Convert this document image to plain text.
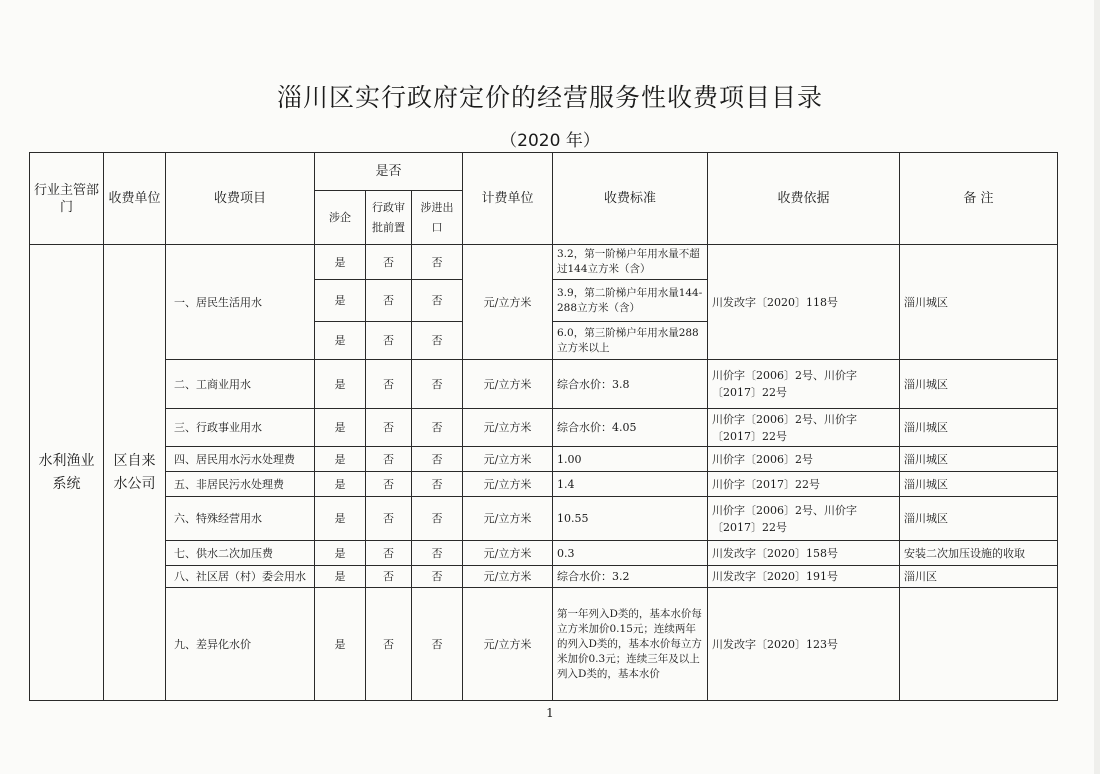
淄川区实行政府定价的经营服务性收费项目目录
（2020 年）
行业主管部门	收费单位	收费项目	是否			计费单位	收费标准	收费依据	备 注
			涉企	行政审批前置	涉进出口				
水利渔业系统	区自来水公司	一、居民生活用水	是	否	否	元/立方米	3.2，第一阶梯户年用水量不超过144立方米（含）	川发改字〔2020〕118号	淄川城区
			是	否	否		3.9，第二阶梯户年用水量144-288立方米（含）		
			是	否	否		6.0，第三阶梯户年用水量288立方米以上		
		二、工商业用水	是	否	否	元/立方米	综合水价：3.8	川价字〔2006〕2号、川价字〔2017〕22号	淄川城区
		三、行政事业用水	是	否	否	元/立方米	综合水价：4.05	川价字〔2006〕2号、川价字〔2017〕22号	淄川城区
		四、居民用水污水处理费	是	否	否	元/立方米	1.00	川价字〔2006〕2号	淄川城区
		五、非居民污水处理费	是	否	否	元/立方米	1.4	川价字〔2017〕22号	淄川城区
		六、特殊经营用水	是	否	否	元/立方米	10.55	川价字〔2006〕2号、川价字〔2017〕22号	淄川城区
		七、供水二次加压费	是	否	否	元/立方米	0.3	川发改字〔2020〕158号	安装二次加压设施的收取
		八、社区居（村）委会用水	是	否	否	元/立方米	综合水价：3.2	川发改字〔2020〕191号	淄川区
		九、差异化水价	是	否	否	元/立方米	第一年列入D类的，基本水价每立方米加价0.15元；连续两年的列入D类的，基本水价每立方米加价0.3元；连续三年及以上列入D类的，基本水价	川发改字〔2020〕123号	
1
